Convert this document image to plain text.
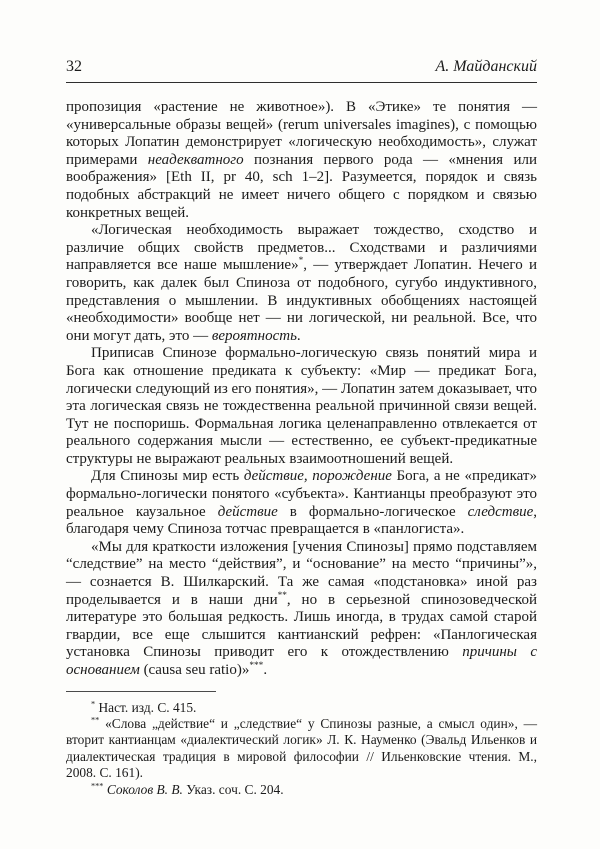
32	А. Майданский

пропозиция «растение не животное»). В «Этике» те понятия — «универсальные образы вещей» (rerum universales imagines), с помощью которых Лопатин демонстрирует «логическую необходимость», служат примерами неадекватного познания первого рода — «мнения или воображения» [Eth II, pr 40, sch 1–2]. Разумеется, порядок и связь подобных абстракций не имеет ничего общего с порядком и связью конкретных вещей.

«Логическая необходимость выражает тождество, сходство и различие общих свойств предметов... Сходствами и различиями направляется все наше мышление»*, — утверждает Лопатин. Нечего и говорить, как далек был Спиноза от подобного, сугубо индуктивного, представления о мышлении. В индуктивных обобщениях настоящей «необходимости» вообще нет — ни логической, ни реальной. Все, что они могут дать, это — вероятность.

Приписав Спинозе формально-логическую связь понятий мира и Бога как отношение предиката к субъекту: «Мир — предикат Бога, логически следующий из его понятия», — Лопатин затем доказывает, что эта логическая связь не тождественна реальной причинной связи вещей. Тут не поспоришь. Формальная логика целенаправленно отвлекается от реального содержания мысли — естественно, ее субъект-предикатные структуры не выражают реальных взаимоотношений вещей.

Для Спинозы мир есть действие, порождение Бога, а не «предикат» формально-логически понятого «субъекта». Кантианцы преобразуют это реальное каузальное действие в формально-логическое следствие, благодаря чему Спиноза тотчас превращается в «панлогиста».

«Мы для краткости изложения [учения Спинозы] прямо подставляем “следствие” на место “действия”, и “основание” на место “причины”», — сознается В. Шилкарский. Та же самая «подстановка» иной раз проделывается и в наши дни**, но в серьезной спинозоведческой литературе это большая редкость. Лишь иногда, в трудах самой старой гвардии, все еще слышится кантианский рефрен: «Панлогическая установка Спинозы приводит его к отождествлению причины с основанием (causa seu ratio)»***.

* Наст. изд. С. 415.

** «Слова „действие“ и „следствие“ у Спинозы разные, а смысл один», — вторит кантианцам «диалектический логик» Л. К. Науменко (Эвальд Ильенков и диалектическая традиция в мировой философии // Ильенковские чтения. М., 2008. С. 161).

*** Соколов В. В. Указ. соч. С. 204.
